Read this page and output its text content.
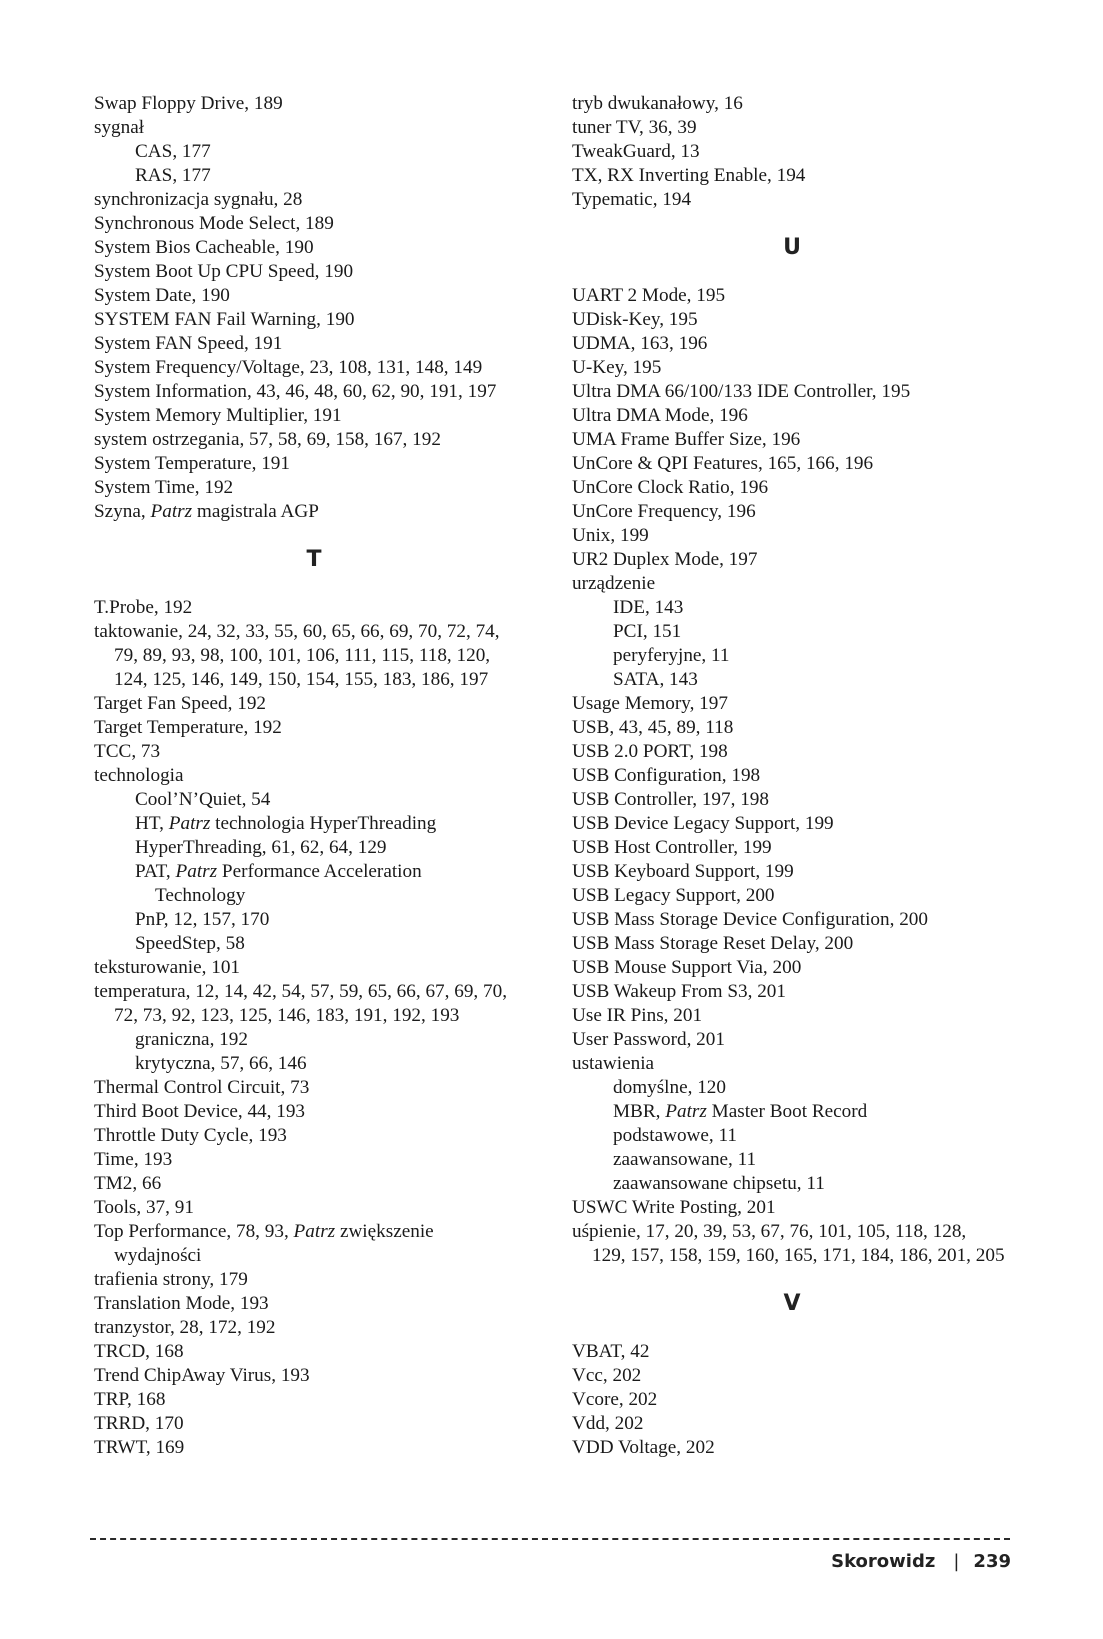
Swap Floppy Drive, 189
sygnał
CAS, 177
RAS, 177
synchronizacja sygnału, 28
Synchronous Mode Select, 189
System Bios Cacheable, 190
System Boot Up CPU Speed, 190
System Date, 190
SYSTEM FAN Fail Warning, 190
System FAN Speed, 191
System Frequency/Voltage, 23, 108, 131, 148, 149
System Information, 43, 46, 48, 60, 62, 90, 191, 197
System Memory Multiplier, 191
system ostrzegania, 57, 58, 69, 158, 167, 192
System Temperature, 191
System Time, 192
Szyna, Patrz magistrala AGP
T
T.Probe, 192
taktowanie, 24, 32, 33, 55, 60, 65, 66, 69, 70, 72, 74,
79, 89, 93, 98, 100, 101, 106, 111, 115, 118, 120,
124, 125, 146, 149, 150, 154, 155, 183, 186, 197
Target Fan Speed, 192
Target Temperature, 192
TCC, 73
technologia
Cool’N’Quiet, 54
HT, Patrz technologia HyperThreading
HyperThreading, 61, 62, 64, 129
PAT, Patrz Performance Acceleration
Technology
PnP, 12, 157, 170
SpeedStep, 58
teksturowanie, 101
temperatura, 12, 14, 42, 54, 57, 59, 65, 66, 67, 69, 70,
72, 73, 92, 123, 125, 146, 183, 191, 192, 193
graniczna, 192
krytyczna, 57, 66, 146
Thermal Control Circuit, 73
Third Boot Device, 44, 193
Throttle Duty Cycle, 193
Time, 193
TM2, 66
Tools, 37, 91
Top Performance, 78, 93, Patrz zwiększenie
wydajności
trafienia strony, 179
Translation Mode, 193
tranzystor, 28, 172, 192
TRCD, 168
Trend ChipAway Virus, 193
TRP, 168
TRRD, 170
TRWT, 169
tryb dwukanałowy, 16
tuner TV, 36, 39
TweakGuard, 13
TX, RX Inverting Enable, 194
Typematic, 194
U
UART 2 Mode, 195
UDisk-Key, 195
UDMA, 163, 196
U-Key, 195
Ultra DMA 66/100/133 IDE Controller, 195
Ultra DMA Mode, 196
UMA Frame Buffer Size, 196
UnCore & QPI Features, 165, 166, 196
UnCore Clock Ratio, 196
UnCore Frequency, 196
Unix, 199
UR2 Duplex Mode, 197
urządzenie
IDE, 143
PCI, 151
peryferyjne, 11
SATA, 143
Usage Memory, 197
USB, 43, 45, 89, 118
USB 2.0 PORT, 198
USB Configuration, 198
USB Controller, 197, 198
USB Device Legacy Support, 199
USB Host Controller, 199
USB Keyboard Support, 199
USB Legacy Support, 200
USB Mass Storage Device Configuration, 200
USB Mass Storage Reset Delay, 200
USB Mouse Support Via, 200
USB Wakeup From S3, 201
Use IR Pins, 201
User Password, 201
ustawienia
domyślne, 120
MBR, Patrz Master Boot Record
podstawowe, 11
zaawansowane, 11
zaawansowane chipsetu, 11
USWC Write Posting, 201
uśpienie, 17, 20, 39, 53, 67, 76, 101, 105, 118, 128,
129, 157, 158, 159, 160, 165, 171, 184, 186, 201, 205
V
VBAT, 42
Vcc, 202
Vcore, 202
Vdd, 202
VDD Voltage, 202
Skorowidz | 239
